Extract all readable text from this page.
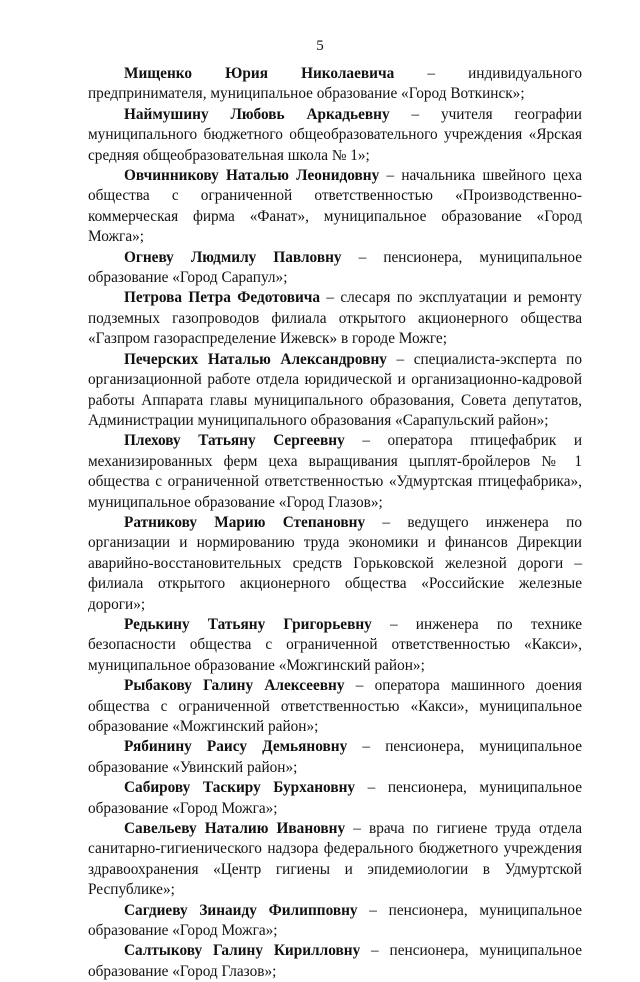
5

Мищенко Юрия Николаевича – индивидуального предпринимателя, муниципальное образование «Город Воткинск»;

Наймушину Любовь Аркадьевну – учителя географии муниципального бюджетного общеобразовательного учреждения «Ярская средняя общеобразовательная школа № 1»;

Овчинникову Наталью Леонидовну – начальника швейного цеха общества с ограниченной ответственностью «Производственно-коммерческая фирма «Фанат», муниципальное образование «Город Можга»;

Огневу Людмилу Павловну – пенсионера, муниципальное образование «Город Сарапул»;

Петрова Петра Федотовича – слесаря по эксплуатации и ремонту подземных газопроводов филиала открытого акционерного общества «Газпром газораспределение Ижевск» в городе Можге;

Печерских Наталью Александровну – специалиста-эксперта по организационной работе отдела юридической и организационно-кадровой работы Аппарата главы муниципального образования, Совета депутатов, Администрации муниципального образования «Сарапульский район»;

Плехову Татьяну Сергеевну – оператора птицефабрик и механизированных ферм цеха выращивания цыплят-бройлеров № 1 общества с ограниченной ответственностью «Удмуртская птицефабрика», муниципальное образование «Город Глазов»;

Ратникову Марию Степановну – ведущего инженера по организации и нормированию труда экономики и финансов Дирекции аварийно-восстановительных средств Горьковской железной дороги – филиала открытого акционерного общества «Российские железные дороги»;

Редькину Татьяну Григорьевну – инженера по технике безопасности общества с ограниченной ответственностью «Какси», муниципальное образование «Можгинский район»;

Рыбакову Галину Алексеевну – оператора машинного доения общества с ограниченной ответственностью «Какси», муниципальное образование «Можгинский район»;

Рябинину Раису Демьяновну – пенсионера, муниципальное образование «Увинский район»;

Сабирову Таскиру Бурхановну – пенсионера, муниципальное образование «Город Можга»;

Савельеву Наталию Ивановну – врача по гигиене труда отдела санитарно-гигиенического надзора федерального бюджетного учреждения здравоохранения «Центр гигиены и эпидемиологии в Удмуртской Республике»;

Сагдиеву Зинаиду Филипповну – пенсионера, муниципальное образование «Город Можга»;

Салтыкову Галину Кирилловну – пенсионера, муниципальное образование «Город Глазов»;
